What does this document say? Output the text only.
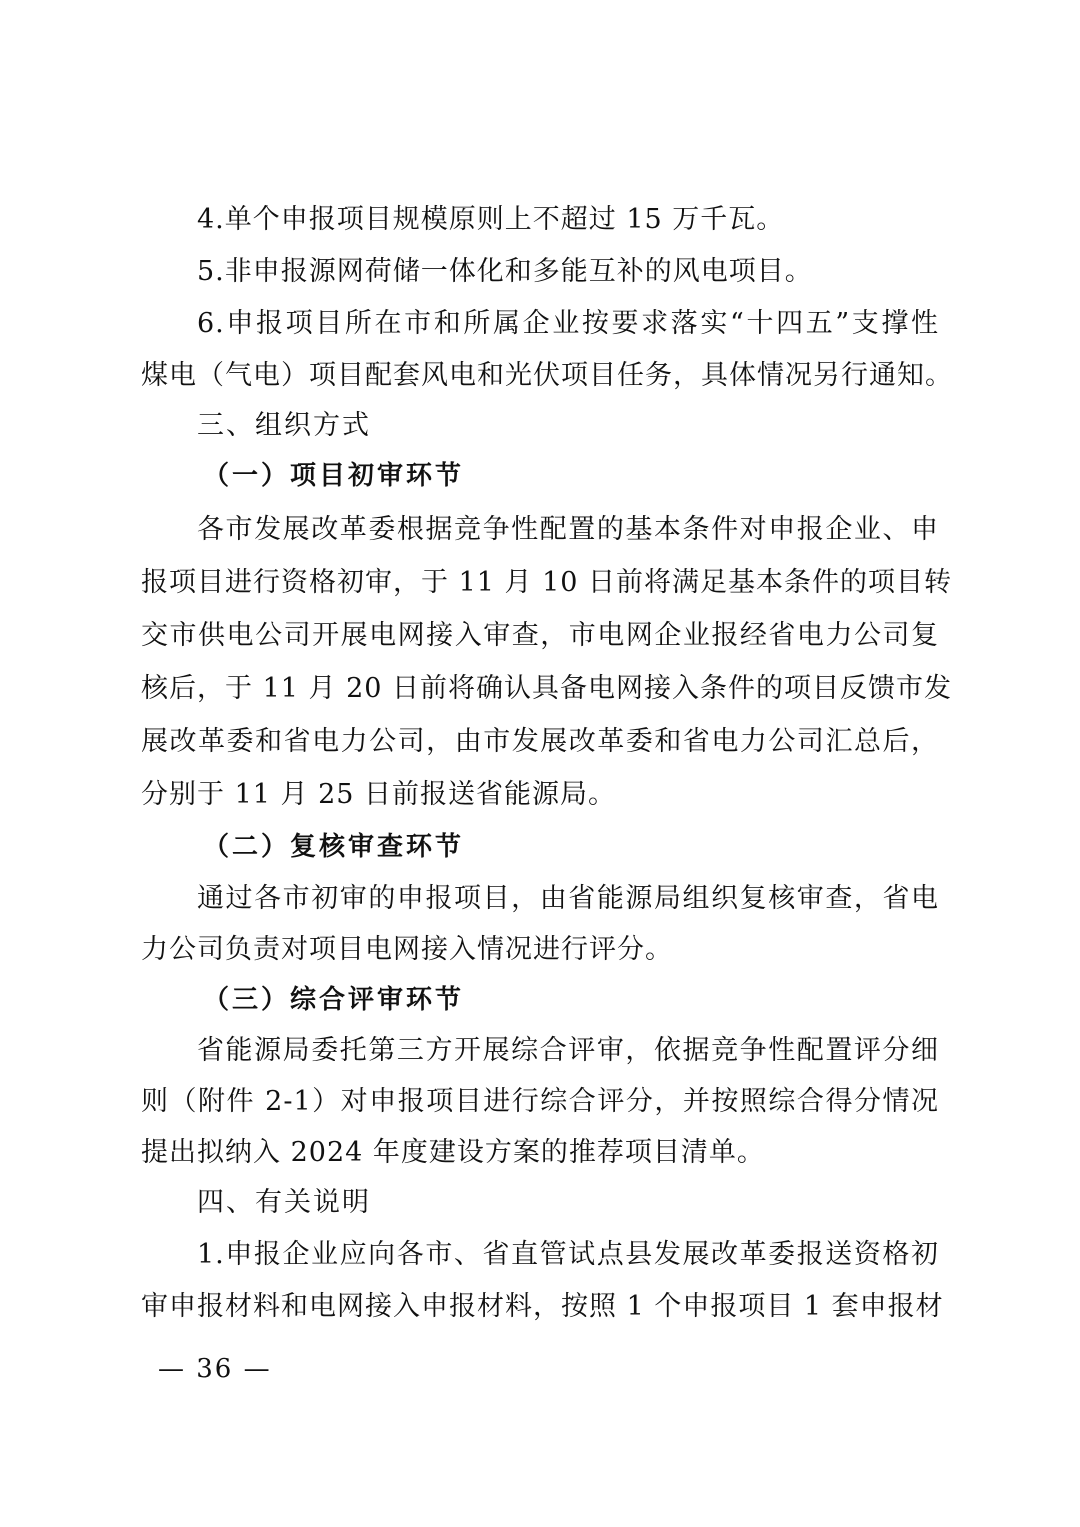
4.单个申报项目规模原则上不超过 15 万千瓦。
5.非申报源网荷储一体化和多能互补的风电项目。
6.申报项目所在市和所属企业按要求落实“十四五”支撑性
煤电（气电）项目配套风电和光伏项目任务，具体情况另行通知。
三、组织方式
（一）项目初审环节
各市发展改革委根据竞争性配置的基本条件对申报企业、申
报项目进行资格初审，于 11 月 10 日前将满足基本条件的项目转
交市供电公司开展电网接入审查，市电网企业报经省电力公司复
核后，于 11 月 20 日前将确认具备电网接入条件的项目反馈市发
展改革委和省电力公司，由市发展改革委和省电力公司汇总后，
分别于 11 月 25 日前报送省能源局。
（二）复核审查环节
通过各市初审的申报项目，由省能源局组织复核审查，省电
力公司负责对项目电网接入情况进行评分。
（三）综合评审环节
省能源局委托第三方开展综合评审，依据竞争性配置评分细
则（附件 2-1）对申报项目进行综合评分，并按照综合得分情况
提出拟纳入 2024 年度建设方案的推荐项目清单。
四、有关说明
1.申报企业应向各市、省直管试点县发展改革委报送资格初
审申报材料和电网接入申报材料，按照 1 个申报项目 1 套申报材
— 36 —
